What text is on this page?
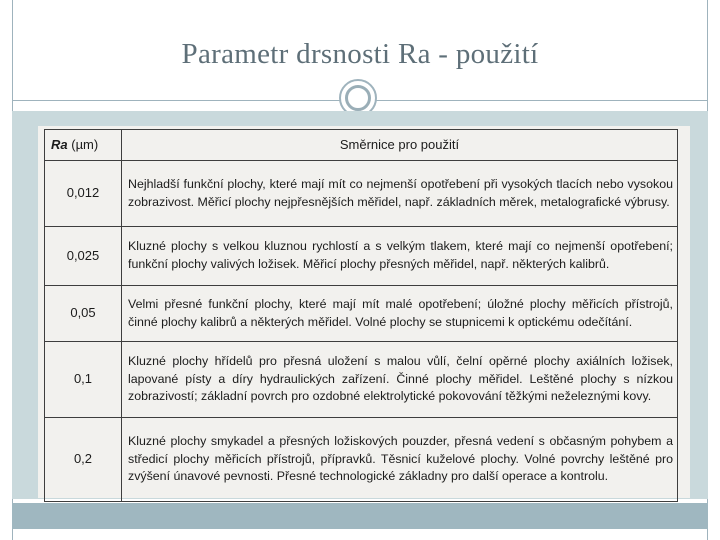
Parametr drsnosti Ra - použití
Ra (µm)	Směrnice pro použití
0,012	Nejhladší funkční plochy, které mají mít co nejmenší opotřebení při vysokých tlacích nebo vysokou zobrazivost. Měřicí plochy nejpřesnějších měřidel, např. základních měrek, metalografické výbrusy.
0,025	Kluzné plochy s velkou kluznou rychlostí a s velkým tlakem, které mají co nejmenší opotřebení; funkční plochy valivých ložisek. Měřicí plochy přesných měřidel, např. některých kalibrů.
0,05	Velmi přesné funkční plochy, které mají mít malé opotřebení; úložné plochy měřicích přístrojů, činné plochy kalibrů a některých měřidel. Volné plochy se stupnicemi k optickému odečítání.
0,1	Kluzné plochy hřídelů pro přesná uložení s malou vůlí, čelní opěrné plochy axiálních ložisek, lapované písty a díry hydraulických zařízení. Činné plochy měřidel. Leštěné plochy s nízkou zobrazivostí; základní povrch pro ozdobné elektrolytické pokovování těžkými neželeznými kovy.
0,2	Kluzné plochy smykadel a přesných ložiskových pouzder, přesná vedení s občasným pohybem a středicí plochy měřicích přístrojů, přípravků. Těsnicí kuželové plochy. Volné povrchy leštěné pro zvýšení únavové pevnosti. Přesné technologické základny pro další operace a kontrolu.
